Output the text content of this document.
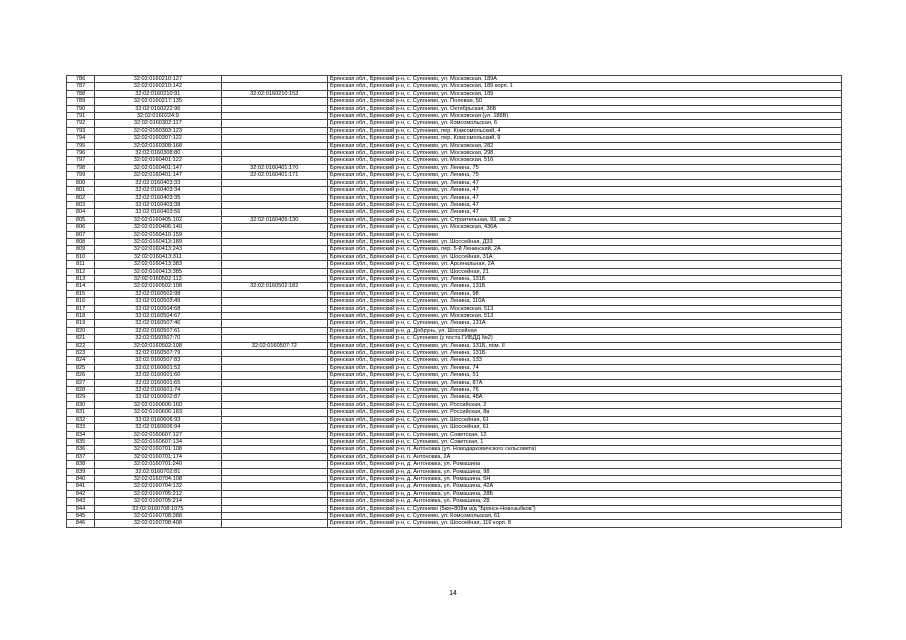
786	32:02:0160210:127		Брянская обл., Брянский р-н, с. Супонево, ул. Московская, 189А
787	32:02:0160210:142		Брянская обл., Брянский р-н, с. Супонево, ул. Московская, 189 корп. 1
788	32:02:0160210:91	32:02:0160210:153	Брянская обл., Брянский р-н, с. Супонево, ул. Московская, 189
789	32:02:0160217:135		Брянская обл., Брянский р-н, с. Супонево, ул. Полевая, 50
790	32:02:0160222:96		Брянская обл., Брянский р-н, с. Супонево, ул. Октябрьская, 36Б
791	32:02:0160224:9		Брянская обл., Брянский р-н, с. Супонево, ул. Московская (ул. 188В)
792	32:02:0160302:117		Брянская обл., Брянский р-н, с. Супонево, ул. Комсомольская, 6
793	32:02:0160303:123		Брянская обл., Брянский р-н, с. Супонево, пер. Комсомольский, 4
794	32:02:0160307:122		Брянская обл., Брянский р-н, с. Супонево, пер. Комсомольский, 9
795	32:02:0160308:168		Брянская обл., Брянский р-н, с. Супонево, ул. Московская, 282
796	32:02:0160308:80		Брянская обл., Брянский р-н, с. Супонево, ул. Московская, 298
797	32:02:0160401:122		Брянская обл., Брянский р-н, с. Супонево, ул. Московская, 516
798	32:02:0160401:147	32:02:0160401:170	Брянская обл., Брянский р-н, с. Супонево, ул. Ленина, 75
799	32:02:0160401:147	32:02:0160401:171	Брянская обл., Брянский р-н, с. Супонево, ул. Ленина, 75
800	32:02:0160403:33		Брянская обл., Брянский р-н, с. Супонево, ул. Ленина, 47
801	32:02:0160403:34		Брянская обл., Брянский р-н, с. Супонево, ул. Ленина, 47
802	32:02:0160403:35		Брянская обл., Брянский р-н, с. Супонево, ул. Ленина, 47
803	32:02:0160403:38		Брянская обл., Брянский р-н, с. Супонево, ул. Ленина, 47
804	32:02:0160403:56		Брянская обл., Брянский р-н, с. Супонево, ул. Ленина, 47
805	32:02:0160405:102	32:02:0160405:130	Брянская обл., Брянский р-н, с. Супонево, ул. Строительная, 93, кв. 2
806	32:02:0160406:140		Брянская обл., Брянский р-н, с. Супонево, ул. Московская, 436А
807	32:02:0160410:159		Брянская обл., Брянский р-н, с. Супонево
808	32:02:0160413:189		Брянская обл., Брянский р-н, с. Супонево, ул. Шоссейная, Д33
809	32:02:0160413:243		Брянская обл., Брянский р-н, с. Супонево, пер. 5-й Ленинский, 2А
810	32:02:0160413:311		Брянская обл., Брянский р-н, с. Супонево, ул. Шоссейная, 31А
811	32:02:0160413:383		Брянская обл., Брянский р-н, с. Супонево, ул. Арсенальная, 2А
812	32:02:0160413:385		Брянская обл., Брянский р-н, с. Супонево, ул. Шоссейная, 21
813	32:02:0160502:113		Брянская обл., Брянский р-н, с. Супонево, ул. Ленина, 131Б
814	32:02:0160502:108	32:02:0160502:182	Брянская обл., Брянский р-н, с. Супонево, ул. Ленина, 131Б
815	32:02:0160502:98		Брянская обл., Брянский р-н, с. Супонево, ул. Ленина, 98
816	32:02:0160503:49		Брянская обл., Брянский р-н, с. Супонево, ул. Ленина, 110А
817	32:02:0160504:68		Брянская обл., Брянский р-н, с. Супонево, ул. Московская, 513
818	32:02:0160504:67		Брянская обл., Брянский р-н, с. Супонево, ул. Московская, 513
819	32:02:0160507:46		Брянская обл., Брянский р-н, с. Супонево, ул. Ленина, 131А
820	32:02:0160507:61		Брянская обл., Брянский р-н, д. Добрунь, ул. Шоссейная
821	32:02:0160507:70		Брянская обл., Брянский р-н, с. Супонево (у поста ГИБДД №2)
822	32:02:0160502:108	32:02:0160507:72	Брянская обл., Брянский р-н, с. Супонево, ул. Ленина, 131Б, пом. II
823	32:02:0160507:79		Брянская обл., Брянский р-н, с. Супонево, ул. Ленина, 131Б
824	32:02:0160507:83		Брянская обл., Брянский р-н, с. Супонево, ул. Ленина, 133
825	32:02:0160601:52		Брянская обл., Брянский р-н, с. Супонево, ул. Ленина, 74
826	32:02:0160601:60		Брянская обл., Брянский р-н, с. Супонево, ул. Ленина, 51
827	32:02:0160601:65		Брянская обл., Брянский р-н, с. Супонево, ул. Ленина, 87А
828	32:02:0160601:74		Брянская обл., Брянский р-н, с. Супонево, ул. Ленина, 76
829	32:02:0160602:87		Брянская обл., Брянский р-н, с. Супонево, ул. Ленина, 48А
830	32:02:0160606:160		Брянская обл., Брянский р-н, с. Супонево, ул. Российская, 2
831	32:02:0160606:183		Брянская обл., Брянский р-н, с. Супонево, ул. Российская, 8в
832	32:02:0160606:93		Брянская обл., Брянский р-н, с. Супонево, ул. Шоссейная, 61
833	32:02:0160606:94		Брянская обл., Брянский р-н, с. Супонево, ул. Шоссейная, 61
834	32:02:0160607:127		Брянская обл., Брянский р-н, с. Супонево, ул. Советская, 12
835	32:02:0160607:134		Брянская обл., Брянский р-н, с. Супонево, ул. Советская, 1
836	32:02:0160701:108		Брянская обл., Брянский р-н, п. Антоновка (ул. Новодарковичского сельсовета)
837	32:02:0160701:174		Брянская обл., Брянский р-н, п. Антоновка, 2А
838	32:02:0160701:240		Брянская обл., Брянский р-н, д. Антоновка, ул. Ромашина
839	32:02:0160702:81		Брянская обл., Брянский р-н, д. Антоновка, ул. Ромашина, 98
840	32:02:0160704:108		Брянская обл., Брянский р-н, д. Антоновка, ул. Ромашина, 5Н
841	32:02:0160704:132		Брянская обл., Брянский р-н, д. Антоновка, ул. Ромашина, 42А
842	32:02:0160705:212		Брянская обл., Брянский р-н, д. Антоновка, ул. Ромашина, 28Б
843	32:02:0160705:214		Брянская обл., Брянский р-н, д. Антоновка, ул. Ромашина, 28
844	32:02:0160708:1075		Брянская обл., Брянский р-н, с. Супонево (5км+808м а/д "Брянск-Новозыбков")
845	32:02:0160708:388		Брянская обл., Брянский р-н, с. Супонево, ул. Комсомольская, 61
846	32:02:0160708:408		Брянская обл., Брянский р-н, с. Супонево, ул. Шоссейная, 116 корп. 8
14
